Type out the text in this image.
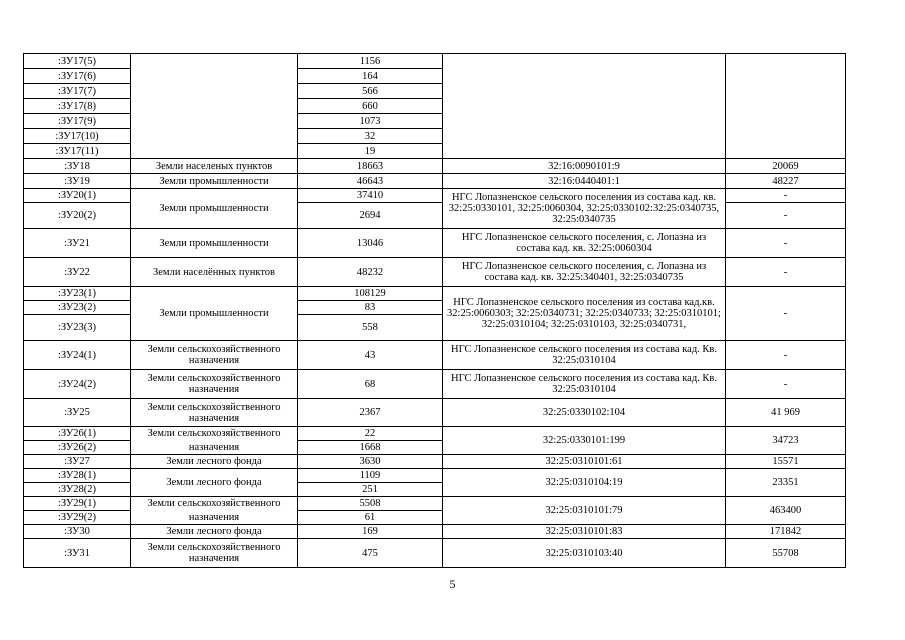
:ЗУ17(5)		1156		
:ЗУ17(6)		164		
:ЗУ17(7)		566		
:ЗУ17(8)		660		
:ЗУ17(9)		1073		
:ЗУ17(10)		32		
:ЗУ17(11)		19		
:ЗУ18	Земли населеных пунктов	18663	32:16:0090101:9	20069
:ЗУ19	Земли промышленности	46643	32:16:0440401:1	48227
:ЗУ20(1)	Земли промышленности	37410	НГС Лопазненское сельского поселения из состава кад. кв. 32:25:0330101, 32:25:0060304, 32:25:0330102:32:25:0340735, 32:25:0340735	-
:ЗУ20(2)		2694		-
:ЗУ21	Земли промышленности	13046	НГС Лопазненское сельского поселения, с. Лопазна из состава кад. кв. 32:25:0060304	-
:ЗУ22	Земли населённых пунктов	48232	НГС Лопазненское сельского поселения, с. Лопазна из состава кад. кв. 32:25:340401, 32:25:0340735	-
:ЗУ23(1)	Земли промышленности	108129	НГС Лопазненское сельского поселения из состава кад.кв. 32:25:0060303; 32:25:0340731; 32:25:0340733; 32:25:0310101; 32:25:0310104; 32:25:0310103, 32:25:0340731,	-
:ЗУ23(2)		83		
:ЗУ23(3)		558		
:ЗУ24(1)	Земли сельскохозяйственного назначения	43	НГС Лопазненское сельского поселения из состава кад. Кв. 32:25:0310104	-
:ЗУ24(2)	Земли сельскохозяйственного назначения	68	НГС Лопазненское сельского поселения из состава кад. Кв. 32:25:0310104	-
:ЗУ25	Земли сельскохозяйственного назначения	2367	32:25:0330102:104	41 969
:ЗУ26(1)	Земли сельскохозяйственного	22	32:25:0330101:199	34723
:ЗУ26(2)	назначения	1668		
:ЗУ27	Земли лесного фонда	3630	32:25:0310101:61	15571
:ЗУ28(1)	Земли лесного фонда	1109	32:25:0310104:19	23351
:ЗУ28(2)		251		
:ЗУ29(1)	Земли сельскохозяйственного	5508	32:25:0310101:79	463400
:ЗУ29(2)	назначения	61		
:ЗУ30	Земли лесного фонда	169	32:25:0310101:83	171842
:ЗУ31	Земли сельскохозяйственного назначения	475	32:25:0310103:40	55708
5
